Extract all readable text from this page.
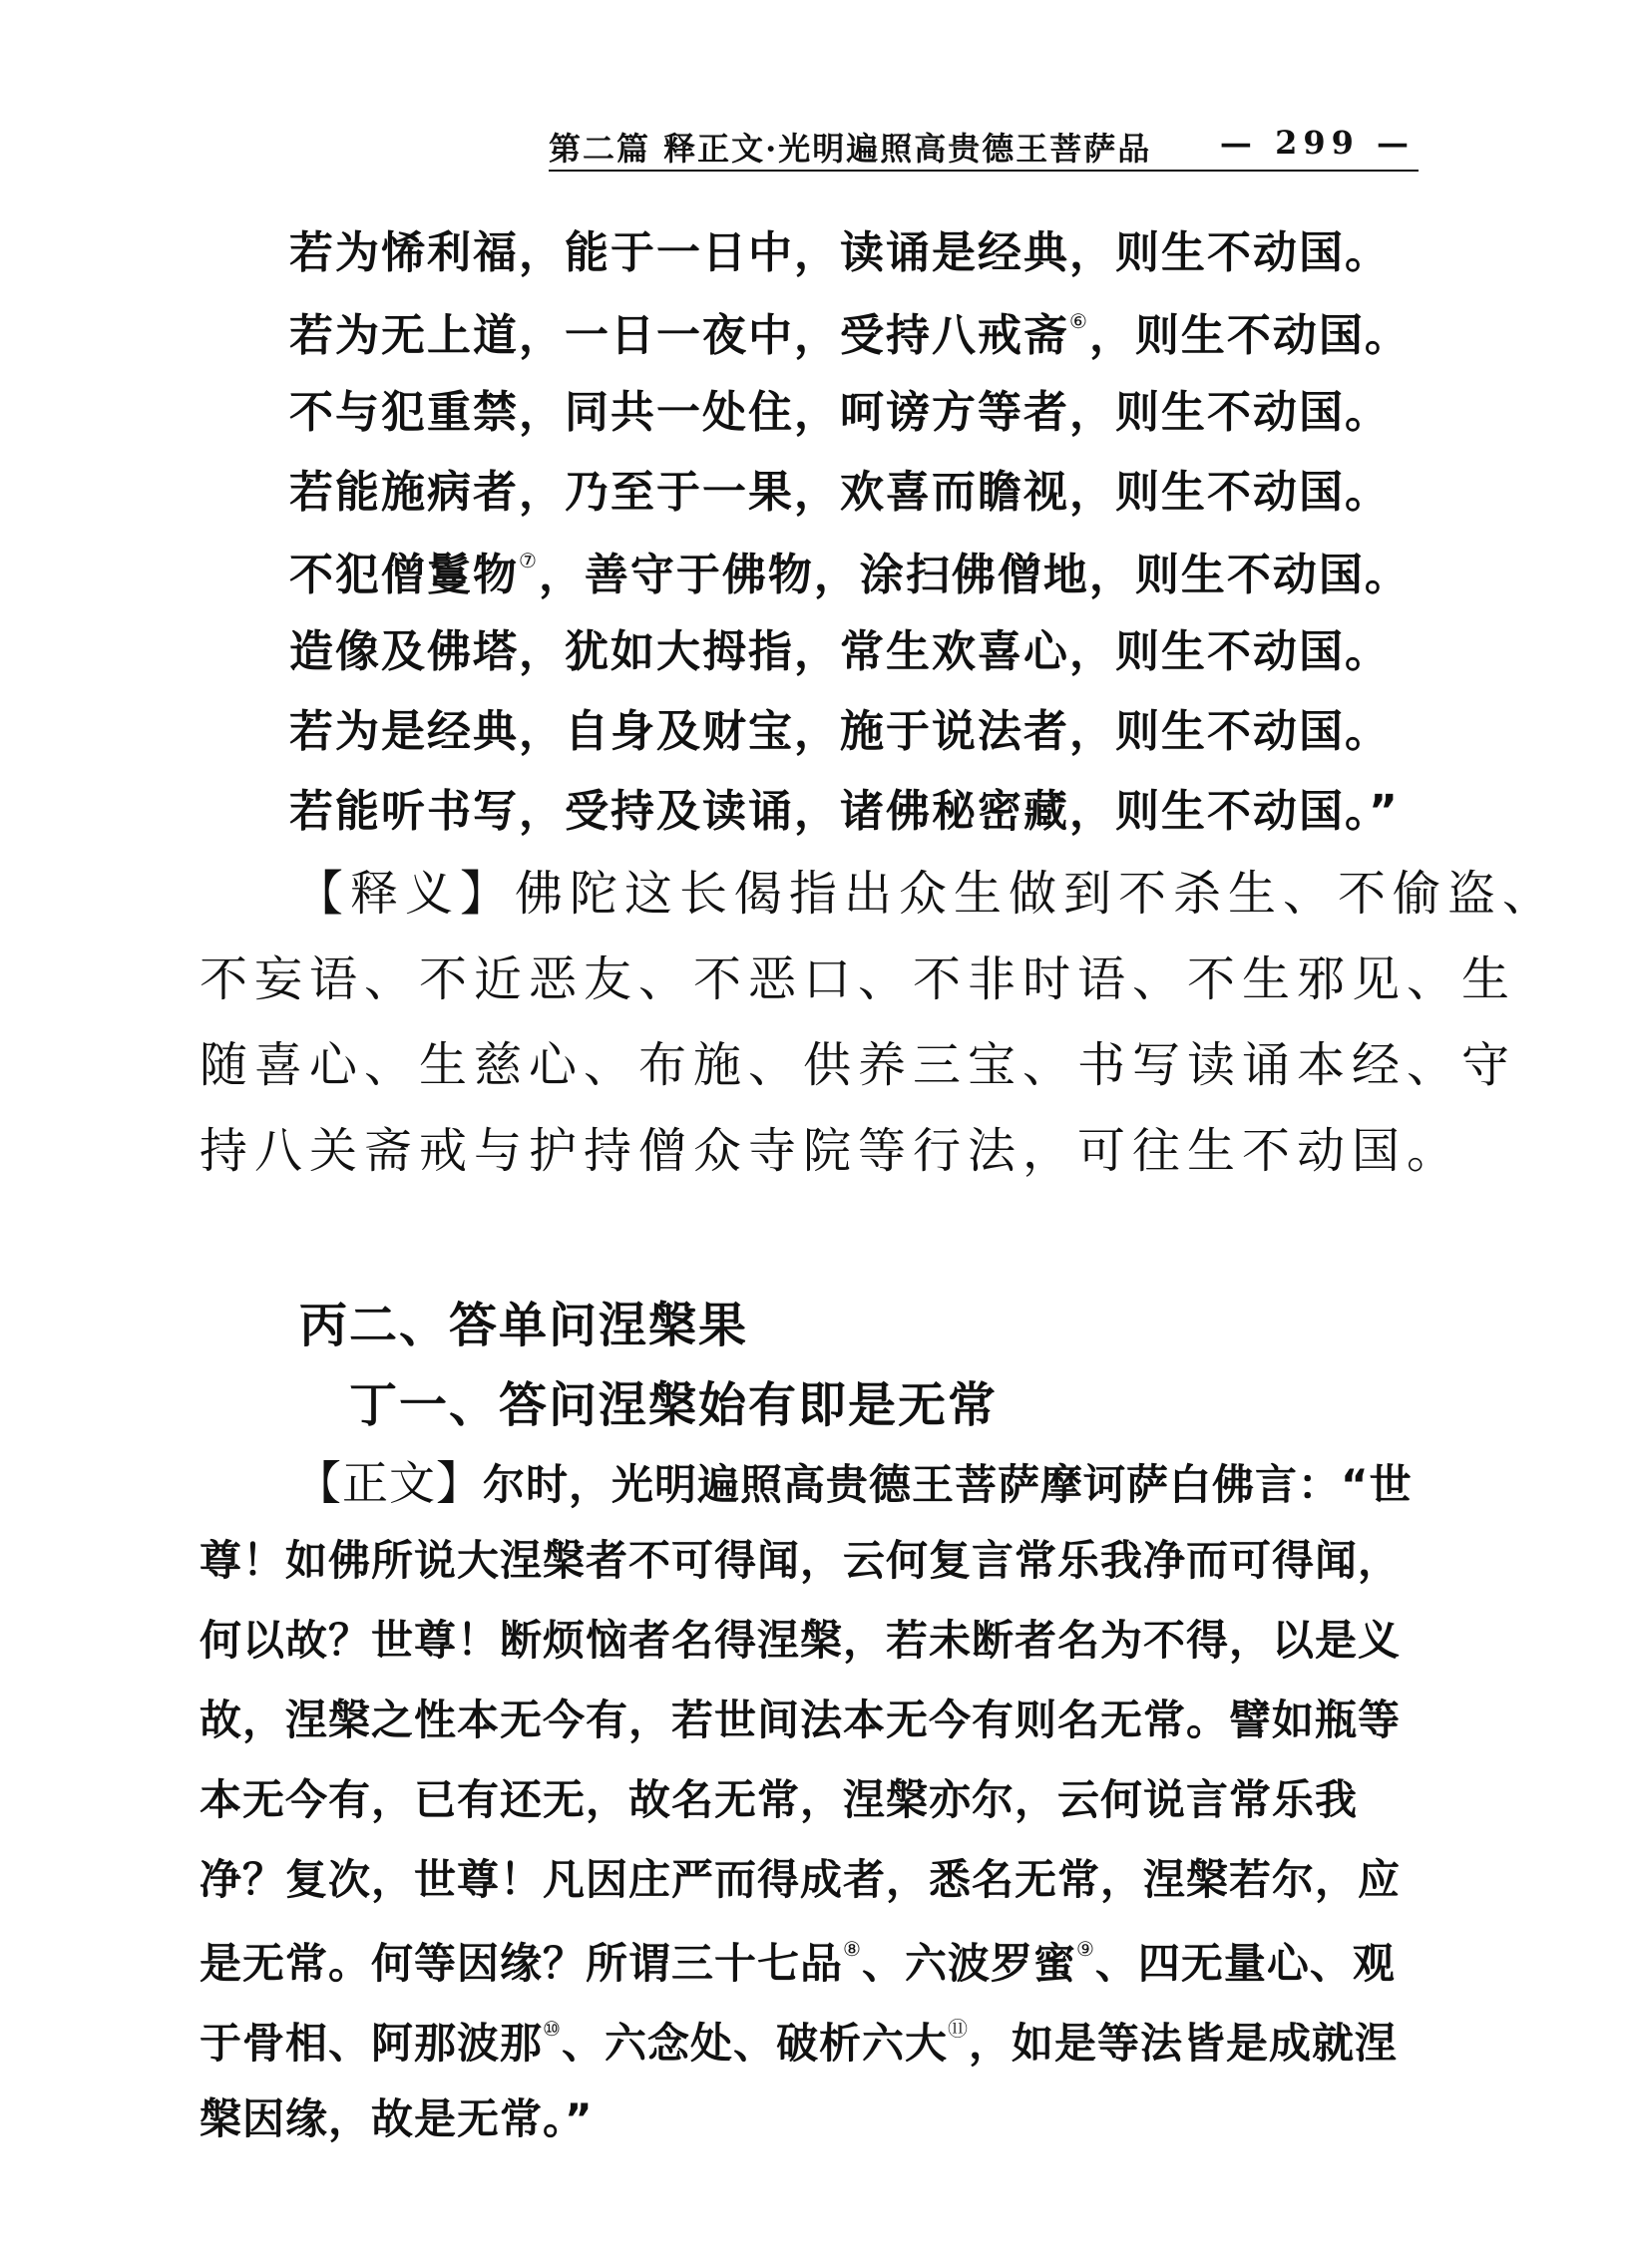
第二篇 释正文·光明遍照高贵德王菩萨品 — 299 —
若为悕利福，能于一日中，读诵是经典，则生不动国。
若为无上道，一日一夜中，受持八戒斋⑥，则生不动国。
不与犯重禁，同共一处住，呵谤方等者，则生不动国。
若能施病者，乃至于一果，欢喜而瞻视，则生不动国。
不犯僧鬘物⑦，善守于佛物，涂扫佛僧地，则生不动国。
造像及佛塔，犹如大拇指，常生欢喜心，则生不动国。
若为是经典，自身及财宝，施于说法者，则生不动国。
若能听书写，受持及读诵，诸佛秘密藏，则生不动国。”
【释义】佛陀这长偈指出众生做到不杀生、不偷盗、
不妄语、不近恶友、不恶口、不非时语、不生邪见、生
随喜心、生慈心、布施、供养三宝、书写读诵本经、守
持八关斋戒与护持僧众寺院等行法，可往生不动国。
丙二、答单问涅槃果
丁一、答问涅槃始有即是无常
【正文】尔时，光明遍照高贵德王菩萨摩诃萨白佛言：“世
尊！如佛所说大涅槃者不可得闻，云何复言常乐我净而可得闻，
何以故？世尊！断烦恼者名得涅槃，若未断者名为不得，以是义
故，涅槃之性本无今有，若世间法本无今有则名无常。譬如瓶等
本无今有，已有还无，故名无常，涅槃亦尔，云何说言常乐我
净？复次，世尊！凡因庄严而得成者，悉名无常，涅槃若尔，应
是无常。何等因缘？所谓三十七品⑧、六波罗蜜⑨、四无量心、观
于骨相、阿那波那⑩、六念处、破析六大⑪，如是等法皆是成就涅
槃因缘，故是无常。”
